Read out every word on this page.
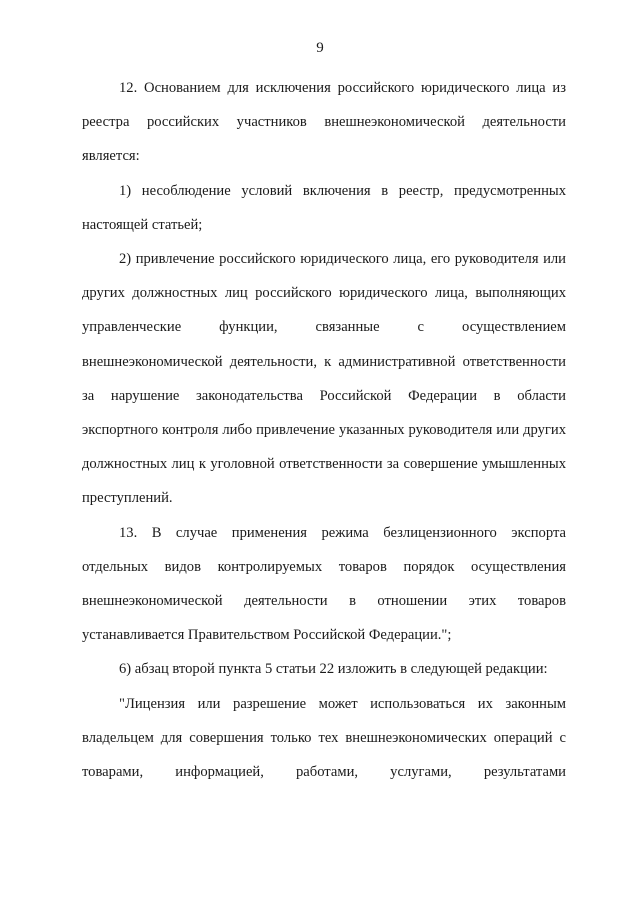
9

12. Основанием для исключения российского юридического лица из реестра российских участников внешнеэкономической деятельности является:

1) несоблюдение условий включения в реестр, предусмотренных настоящей статьей;

2) привлечение российского юридического лица, его руководителя или других должностных лиц российского юридического лица, выполняющих управленческие функции, связанные с осуществлением внешнеэкономической деятельности, к административной ответственности за нарушение законодательства Российской Федерации в области экспортного контроля либо привлечение указанных руководителя или других должностных лиц к уголовной ответственности за совершение умышленных преступлений.

13. В случае применения режима безлицензионного экспорта отдельных видов контролируемых товаров порядок осуществления внешнеэкономической деятельности в отношении этих товаров устанавливается Правительством Российской Федерации.";

6) абзац второй пункта 5 статьи 22 изложить в следующей редакции:

"Лицензия или разрешение может использоваться их законным владельцем для совершения только тех внешнеэкономических операций с товарами, информацией, работами, услугами, результатами
